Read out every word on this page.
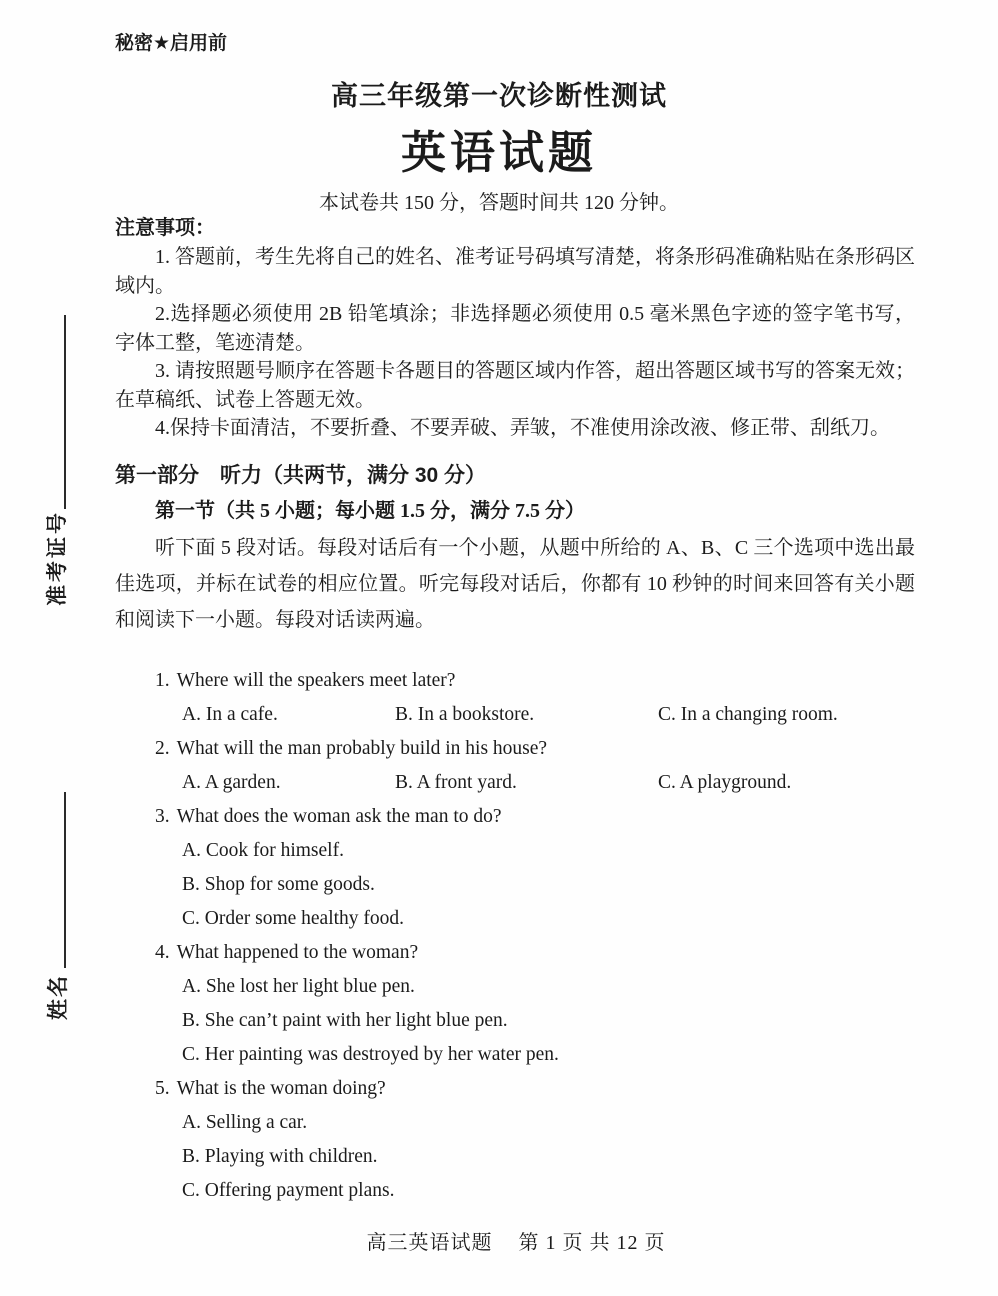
准考证号
姓名
秘密★启用前
高三年级第一次诊断性测试
英语试题
本试卷共 150 分，答题时间共 120 分钟。
注意事项：

1. 答题前，考生先将自己的姓名、准考证号码填写清楚，将条形码准确粘贴在条形码区域内。

2.选择题必须使用 2B 铅笔填涂；非选择题必须使用 0.5 毫米黑色字迹的签字笔书写，字体工整，笔迹清楚。

3. 请按照题号顺序在答题卡各题目的答题区域内作答，超出答题区域书写的答案无效；在草稿纸、试卷上答题无效。

4.保持卡面清洁，不要折叠、不要弄破、弄皱，不准使用涂改液、修正带、刮纸刀。

第一部分　听力（共两节，满分 30 分）
第一节（共 5 小题；每小题 1.5 分，满分 7.5 分）

听下面 5 段对话。每段对话后有一个小题，从题中所给的 A、B、C 三个选项中选出最佳选项，并标在试卷的相应位置。听完每段对话后，你都有 10 秒钟的时间来回答有关小题和阅读下一小题。每段对话读两遍。

1. Where will the speakers meet later?
A. In a cafe.	B. In a bookstore.	C. In a changing room.
2. What will the man probably build in his house?
A. A garden.	B. A front yard.	C. A playground.
3. What does the woman ask the man to do?
A. Cook for himself.
B. Shop for some goods.
C. Order some healthy food.
4. What happened to the woman?
A. She lost her light blue pen.
B. She can’t paint with her light blue pen.
C. Her painting was destroyed by her water pen.
5. What is the woman doing?
A. Selling a car.
B. Playing with children.
C. Offering payment plans.
高三英语试题 第 1 页 共 12 页
